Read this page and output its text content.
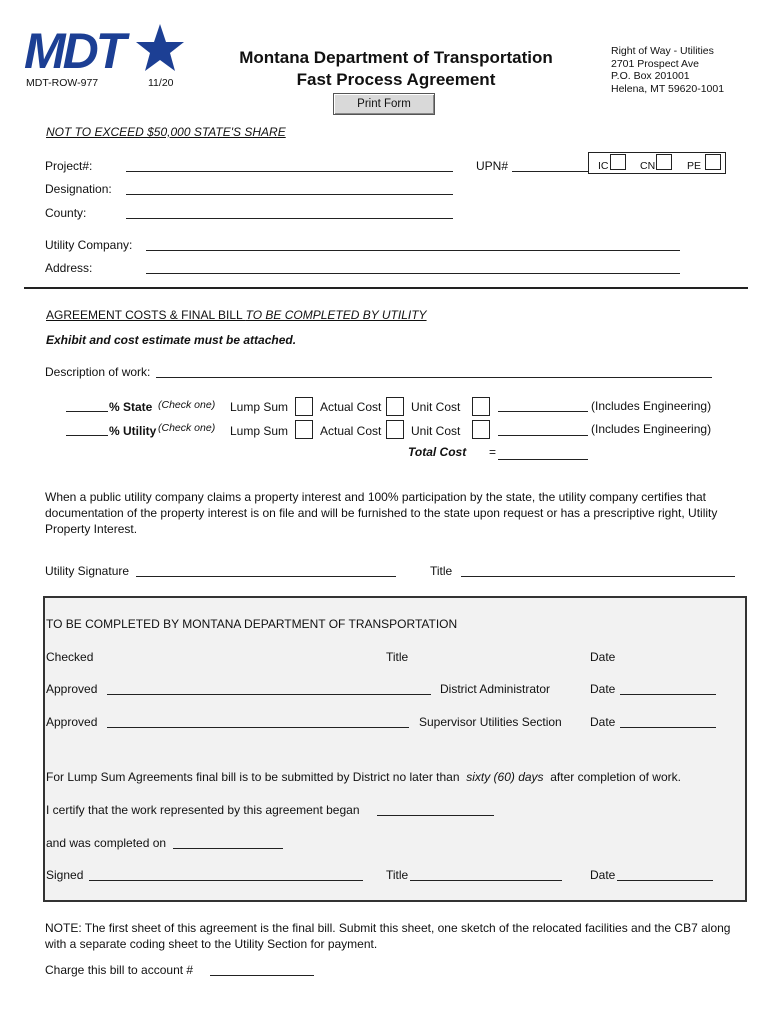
MDT
MDT-ROW-977	11/20
Montana Department of Transportation
Fast Process Agreement
Print Form
Right of Way - Utilities
2701 Prospect Ave
P.O. Box 201001
Helena, MT 59620-1001
NOT TO EXCEED $50,000 STATE'S SHARE
Project#:	UPN#	IC	CN	PE
Designation:
County:
Utility Company:
Address:
AGREEMENT COSTS & FINAL BILL TO BE COMPLETED BY UTILITY
Exhibit and cost estimate must be attached.
Description of work:
% State (Check one) Lump Sum	Actual Cost Unit Cost	(Includes Engineering)
% Utility (Check one) Lump Sum	Actual Cost Unit Cost	(Includes Engineering)
Total Cost =
When a public utility company claims a property interest and 100% participation by the state, the utility company certifies that documentation of the property interest is on file and will be furnished to the state upon request or has a prescriptive right, Utility Property Interest.
Utility Signature	Title
TO BE COMPLETED BY MONTANA DEPARTMENT OF TRANSPORTATION
Checked	Title	Date
Approved	District Administrator	Date
Approved	Supervisor Utilities Section Date
For Lump Sum Agreements final bill is to be submitted by District no later than sixty (60) days after completion of work.
I certify that the work represented by this agreement began
and was completed on
Signed	Title	Date
NOTE: The first sheet of this agreement is the final bill. Submit this sheet, one sketch of the relocated facilities and the CB7 along with a separate coding sheet to the Utility Section for payment.
Charge this bill to account #
